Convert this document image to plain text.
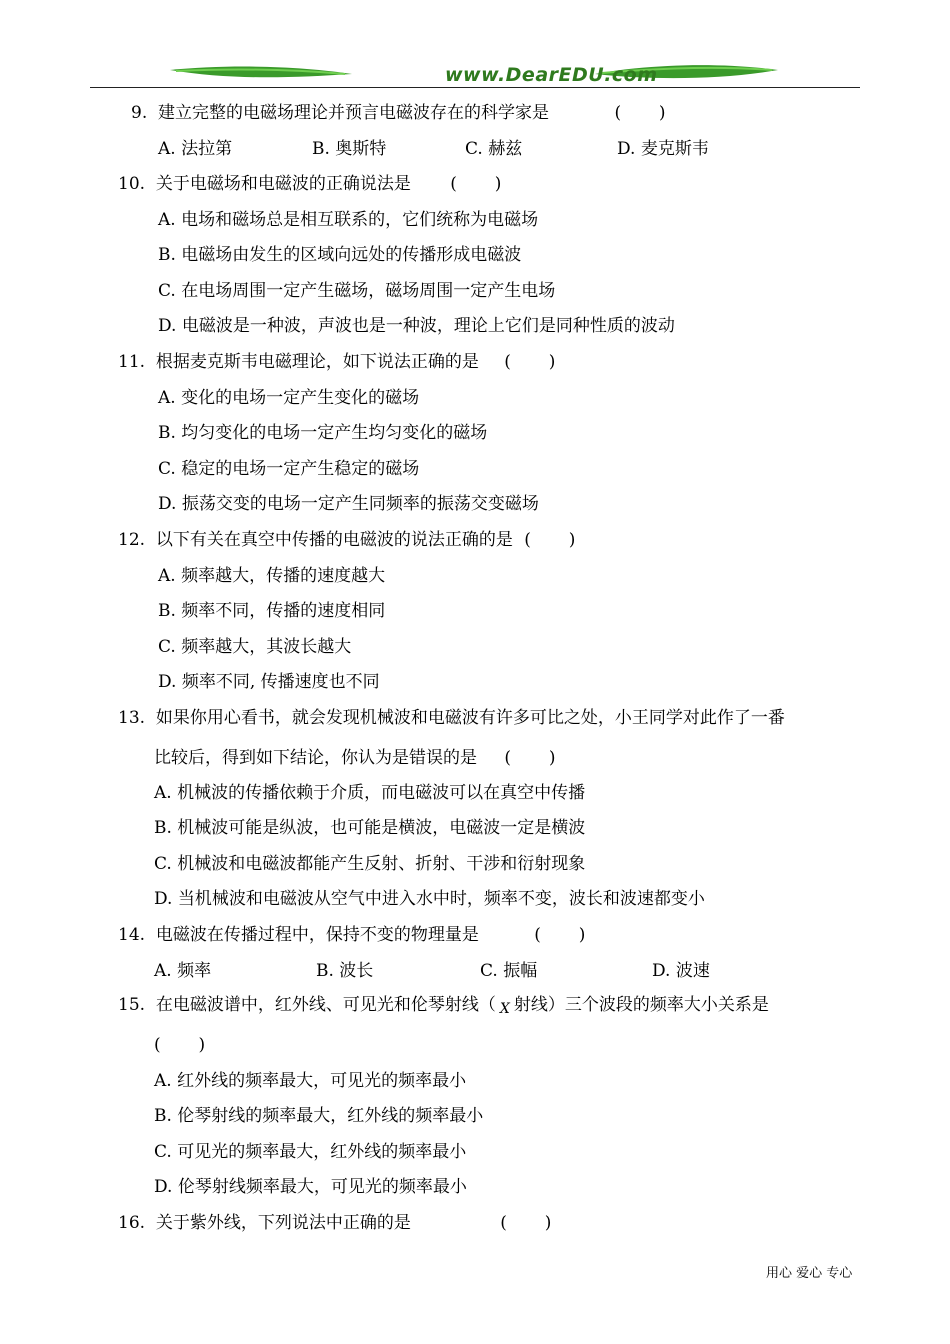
www.DearEDU.com
9. 建立完整的电磁场理论并预言电磁波存在的科学家是	(       )
A. 法拉第	B. 奥斯特	C. 赫兹	D. 麦克斯韦
10. 关于电磁场和电磁波的正确说法是 (       )
A. 电场和磁场总是相互联系的，它们统称为电磁场
B. 电磁场由发生的区域向远处的传播形成电磁波
C. 在电场周围一定产生磁场，磁场周围一定产生电场
D. 电磁波是一种波，声波也是一种波，理论上它们是同种性质的波动
11. 根据麦克斯韦电磁理论，如下说法正确的是 (       )
A. 变化的电场一定产生变化的磁场
B. 均匀变化的电场一定产生均匀变化的磁场
C. 稳定的电场一定产生稳定的磁场
D. 振荡交变的电场一定产生同频率的振荡交变磁场
12. 以下有关在真空中传播的电磁波的说法正确的是 (       )
A. 频率越大，传播的速度越大
B. 频率不同，传播的速度相同
C. 频率越大，其波长越大
D. 频率不同, 传播速度也不同
13. 如果你用心看书，就会发现机械波和电磁波有许多可比之处，小王同学对此作了一番
比较后，得到如下结论，你认为是错误的是 (       )
A. 机械波的传播依赖于介质，而电磁波可以在真空中传播
B. 机械波可能是纵波，也可能是横波，电磁波一定是横波
C. 机械波和电磁波都能产生反射、折射、干涉和衍射现象
D. 当机械波和电磁波从空气中进入水中时，频率不变，波长和波速都变小
14. 电磁波在传播过程中，保持不变的物理量是	(       )
A. 频率	B. 波长	C. 振幅	D. 波速
15. 在电磁波谱中，红外线、可见光和伦琴射线（ X 射线）三个波段的频率大小关系是
(       )
A. 红外线的频率最大，可见光的频率最小
B. 伦琴射线的频率最大，红外线的频率最小
C. 可见光的频率最大，红外线的频率最小
D. 伦琴射线频率最大，可见光的频率最小
16. 关于紫外线，下列说法中正确的是	(       )
用心 爱心 专心
